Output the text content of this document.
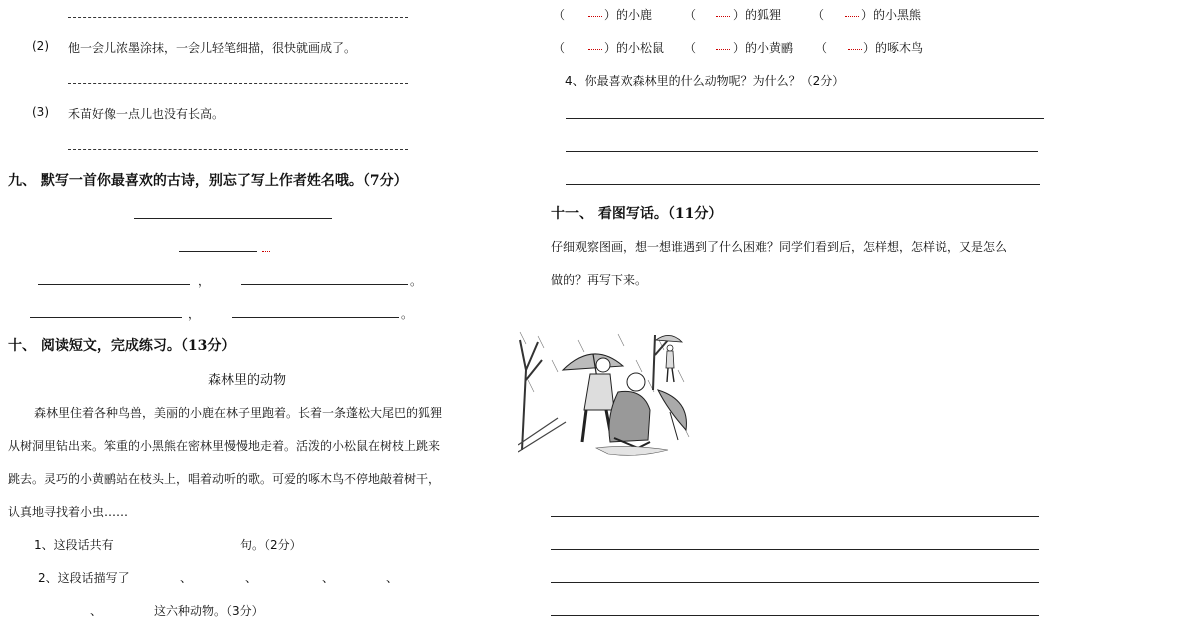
(2) 他一会儿浓墨涂抹，一会儿轻笔细描，很快就画成了。
(3) 禾苗好像一点儿也没有长高。
九、 默写一首你最喜欢的古诗，别忘了写上作者姓名哦。（7分）
，	。
，	。
十、 阅读短文，完成练习。（13分）
森林里的动物
森林里住着各种鸟兽，美丽的小鹿在林子里跑着。长着一条蓬松大尾巴的狐狸
从树洞里钻出来。笨重的小黑熊在密林里慢慢地走着。活泼的小松鼠在树枝上跳来
跳去。灵巧的小黄鹂站在枝头上，唱着动听的歌。可爱的啄木鸟不停地敲着树干，
认真地寻找着小虫……
1、这段话共有	句。（2分）
2、这段话描写了	、	、	、	、
、	这六种动物。（3分）
（	）的小鹿	（	）的狐狸	（	）的小黑熊
（	）的小松鼠 （	）的小黄鹂 （	）的啄木鸟
4、你最喜欢森林里的什么动物呢？为什么？（2分）
十一、 看图写话。（11分）
仔细观察图画，想一想谁遇到了什么困难？同学们看到后，怎样想，怎样说，又是怎么
做的？再写下来。
